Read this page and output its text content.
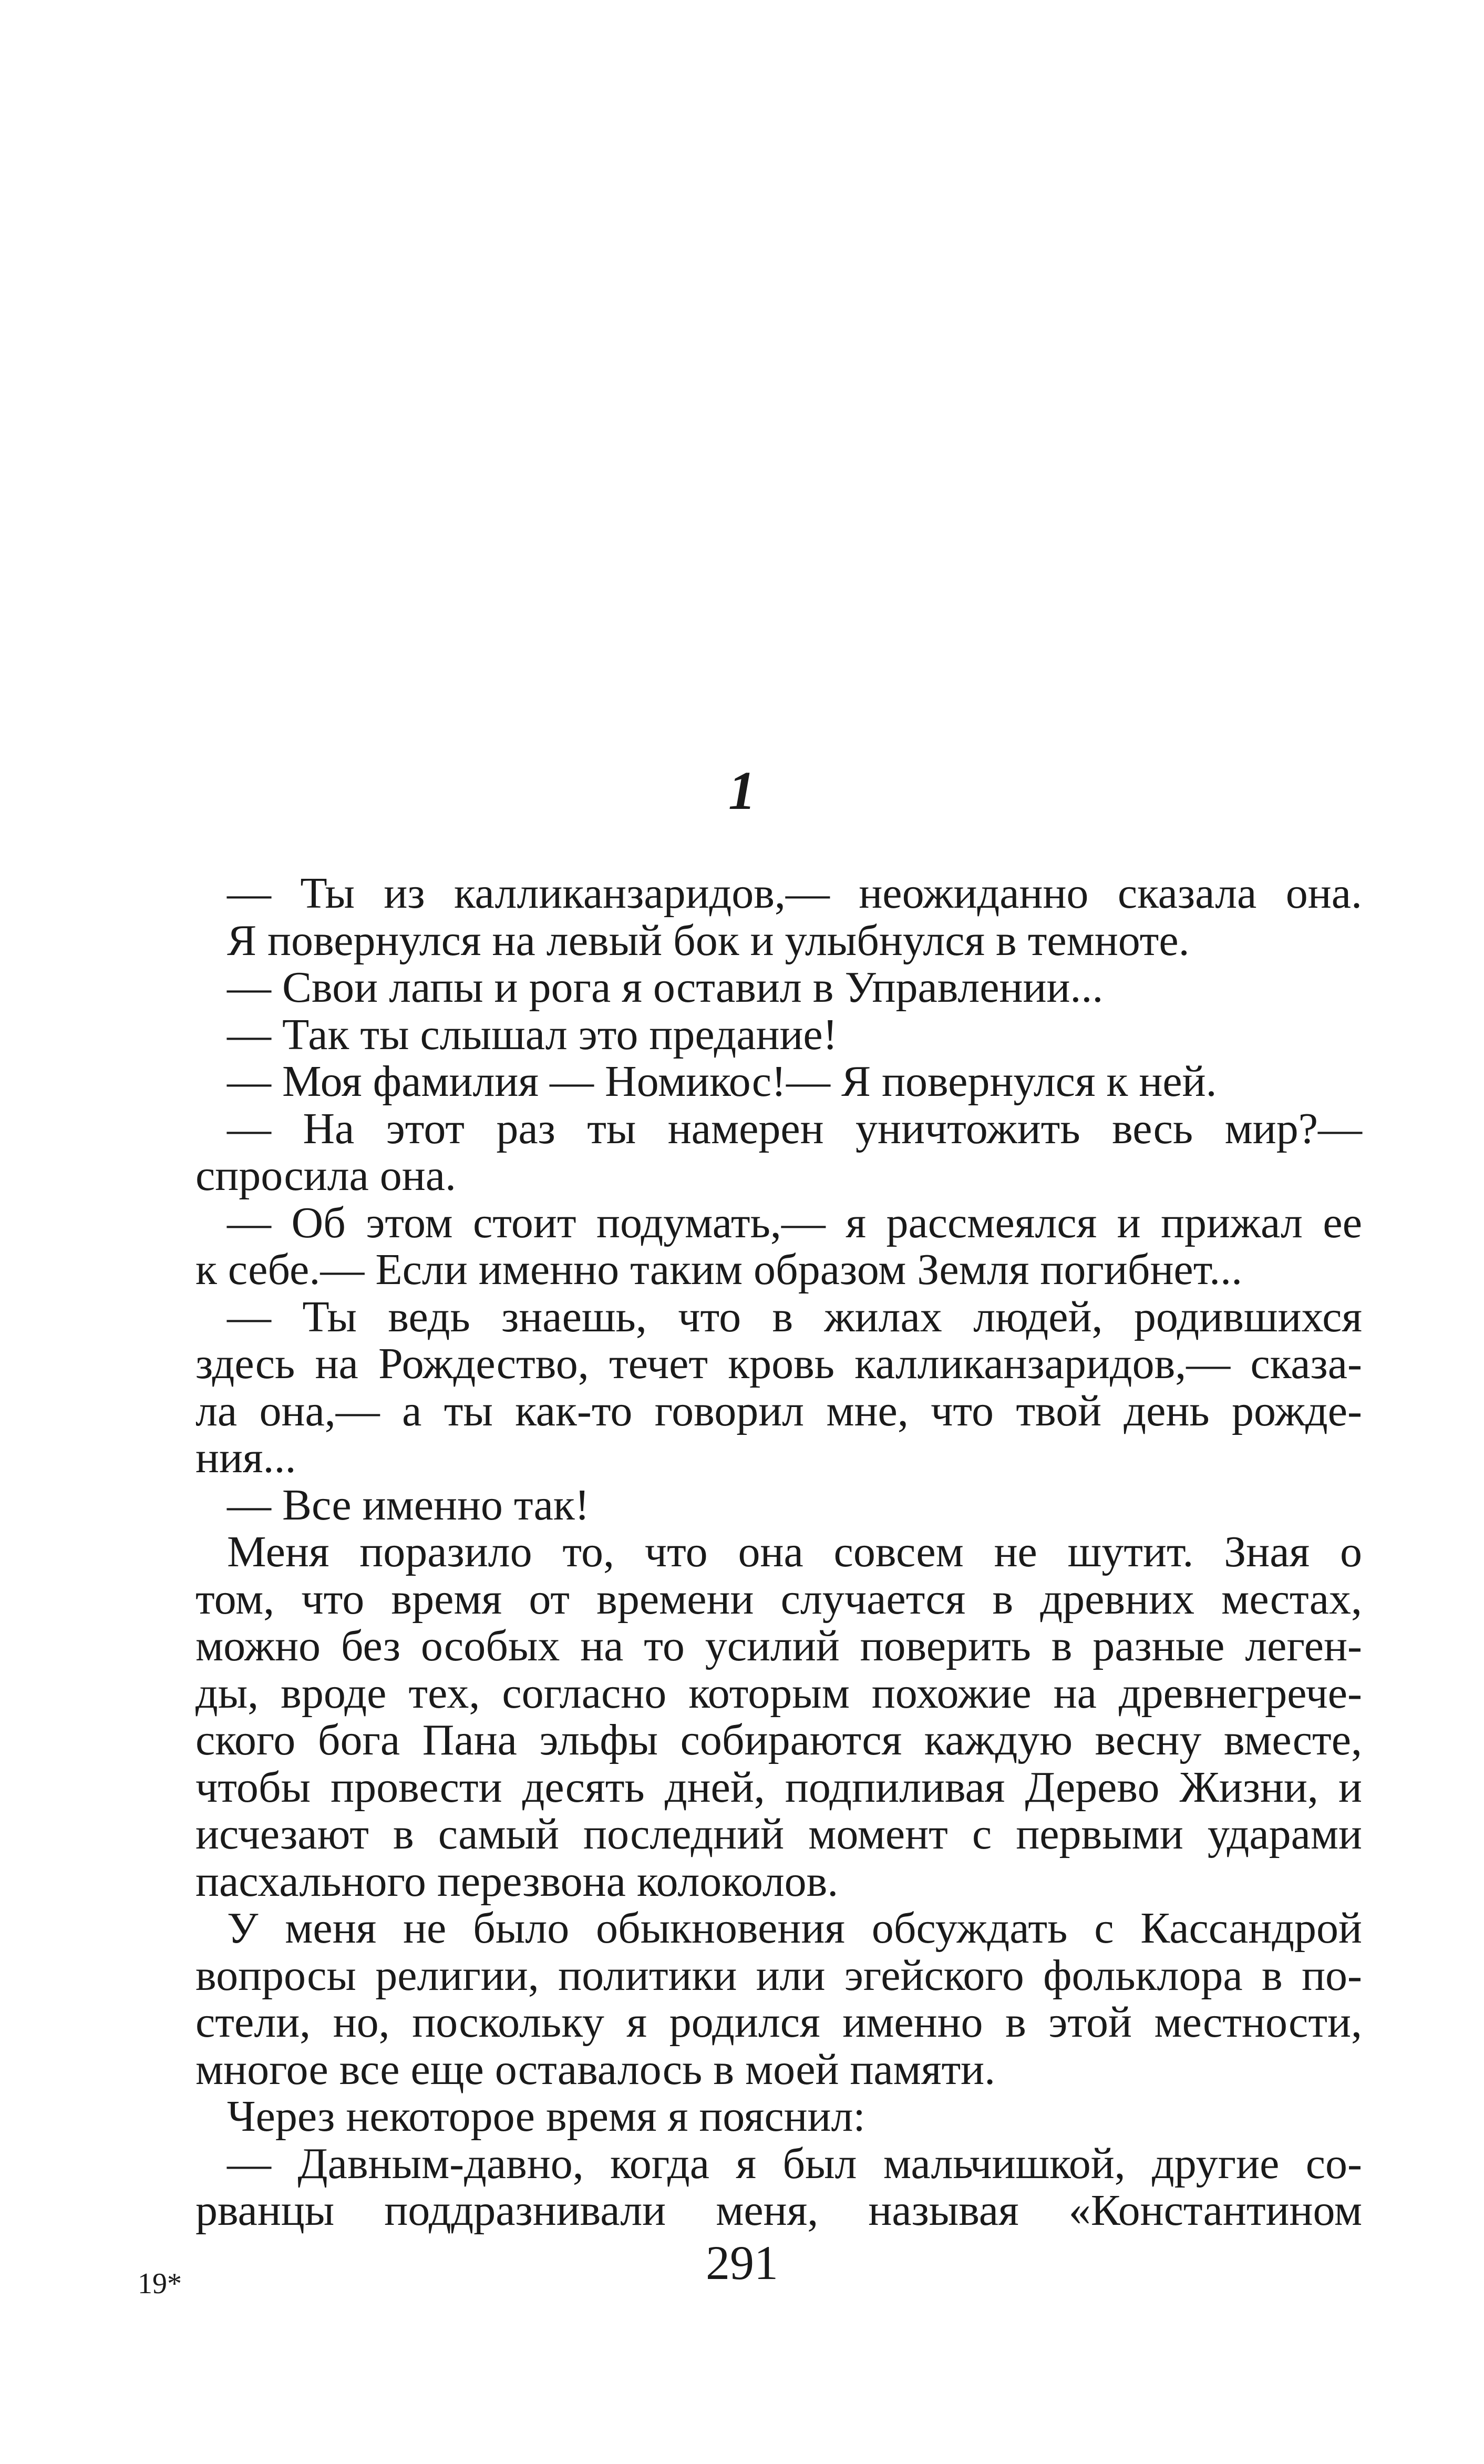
1
— Ты из калликанзаридов,— неожиданно сказала она.
Я повернулся на левый бок и улыбнулся в темноте.
— Свои лапы и рога я оставил в Управлении...
— Так ты слышал это предание!
— Моя фамилия — Номикос!— Я повернулся к ней.
— На этот раз ты намерен уничтожить весь мир?—
спросила она.
— Об этом стоит подумать,— я рассмеялся и прижал ее
к себе.— Если именно таким образом Земля погибнет...
— Ты ведь знаешь, что в жилах людей, родившихся
здесь на Рождество, течет кровь калликанзаридов,— сказа-
ла она,— а ты как-то говорил мне, что твой день рожде-
ния...
— Все именно так!
Меня поразило то, что она совсем не шутит. Зная о
том, что время от времени случается в древних местах,
можно без особых на то усилий поверить в разные леген-
ды, вроде тех, согласно которым похожие на древнегрече-
ского бога Пана эльфы собираются каждую весну вместе,
чтобы провести десять дней, подпиливая Дерево Жизни, и
исчезают в самый последний момент с первыми ударами
пасхального перезвона колоколов.
У меня не было обыкновения обсуждать с Кассандрой
вопросы религии, политики или эгейского фольклора в по-
стели, но, поскольку я родился именно в этой местности,
многое все еще оставалось в моей памяти.
Через некоторое время я пояснил:
— Давным-давно, когда я был мальчишкой, другие со-
рванцы поддразнивали меня, называя «Константином
291
19*
